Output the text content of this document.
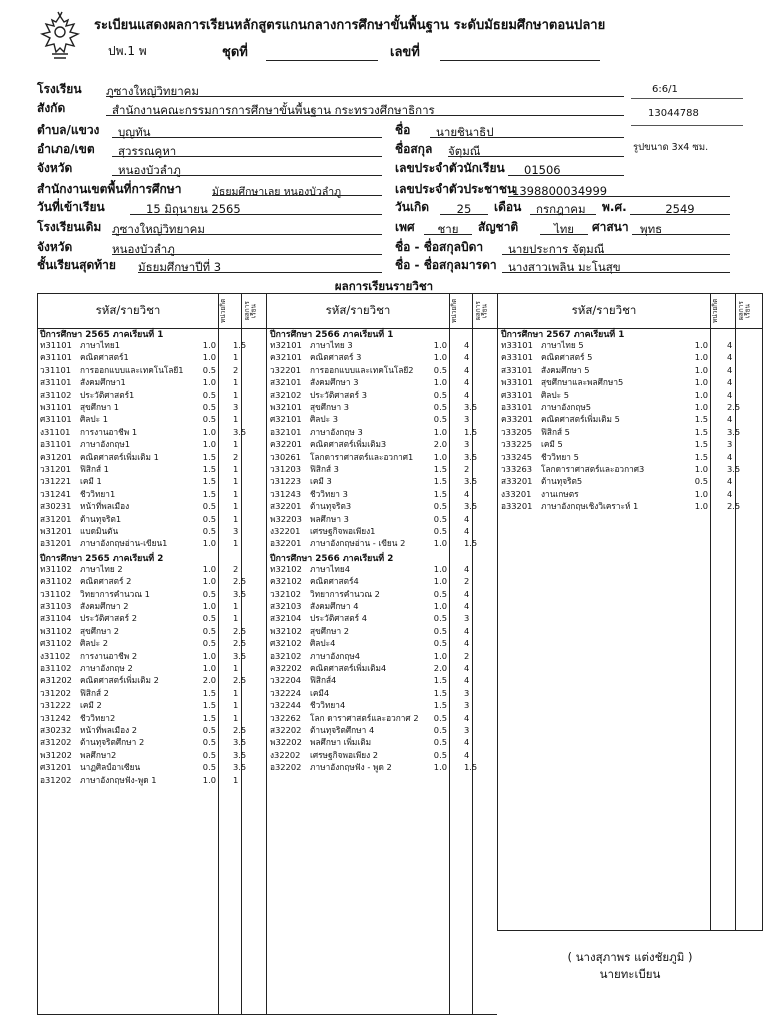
ระเบียนแสดงผลการเรียนหลักสูตรแกนกลางการศึกษาขั้นพื้นฐาน ระดับมัธยมศึกษาตอนปลาย
ปพ.1 พ	ชุดที่	เลขที่
6:6/1
13044788
รูปขนาด 3x4 ซม.
โรงเรียน ภูซางใหญ่วิทยาคม
สังกัด	สำนักงานคณะกรรมการการศึกษาขั้นพื้นฐาน กระทรวงศึกษาธิการ
ตำบล/แขวง	บุญทัน
อำเภอ/เขต	สุวรรณคูหา
จังหวัด	หนองบัวลำภู
สำนักงานเขตพื้นที่การศึกษา	มัธยมศึกษาเลย หนองบัวลำภู
วันที่เข้าเรียน	15 มิถุนายน 2565
โรงเรียนเดิม ภูซางใหญ่วิทยาคม
จังหวัด	หนองบัวลำภู
ชั้นเรียนสุดท้าย มัธยมศึกษาปีที่ 3
ชื่อ	นายชินาธิป
ชื่อสกุล จัตุมณี
เลขประจำตัวนักเรียน	01506
เลขประจำตัวประชาชน
1398800034999
วันเกิด	25	เดือน	กรกฎาคม	พ.ศ.	2549
เพศ	ชาย	สัญชาติ	ไทย	ศาสนา พุทธ
ชื่อ - ชื่อสกุลบิดา	นายประการ จัตุมณี
ชื่อ - ชื่อสกุลมารดา นางสาวเพลิน มะโนสุข
ผลการเรียนรายวิชา
รหัส/รายวิชา	หน่วยกิต	ผลการเรียน	รหัส/รายวิชา	หน่วยกิต	ผลการเรียน	รหัส/รายวิชา	หน่วยกิต	ผลการเรียน
( นางสุภาพร แต่งชัยภูมิ )
นายทะเบียน
ปีการศึกษา 2565 ภาคเรียนที่ 1
ท31101 ภาษาไทย1	1.0 1.5
ค31101 คณิตศาสตร์1	1.0 1
ว31101 การออกแบบและเทคโนโลยี1	0.5 2
ส31101 สังคมศึกษา1	1.0 1
ส31102 ประวัติศาสตร์1	0.5 1
พ31101 สุขศึกษา 1	0.5 3
ศ31101 ศิลปะ 1	0.5 1
ง31101 การงานอาชีพ 1	1.0 3.5
อ31101 ภาษาอังกฤษ1	1.0 1
ค31201 คณิตศาสตร์เพิ่มเติม 1	1.5 2
ว31201 ฟิสิกส์ 1	1.5 1
ว31221 เคมี 1	1.5 1
ว31241 ชีววิทยา1	1.5 1
ส30231 หน้าที่พลเมือง	0.5 1
ส31201 ต้านทุจริต1	0.5 1
พ31201 แบดมินตัน	0.5 3
อ31201 ภาษาอังกฤษอ่าน-เขียน1	1.0 1
ปีการศึกษา 2565 ภาคเรียนที่ 2
ท31102 ภาษาไทย 2	1.0 2
ค31102 คณิตศาสตร์ 2	1.0 2.5
ว31102 วิทยาการคำนวณ 1	0.5 3.5
ส31103 สังคมศึกษา 2	1.0 1
ส31104 ประวัติศาสตร์ 2	0.5 1
พ31102 สุขศึกษา 2	0.5 2.5
ศ31102 ศิลปะ 2	0.5 2.5
ง31102 การงานอาชีพ 2	1.0 3.5
อ31102 ภาษาอังกฤษ 2	1.0 1
ค31202 คณิตศาสตร์เพิ่มเติม 2	2.0 2.5
ว31202 ฟิสิกส์ 2	1.5 1
ว31222 เคมี 2	1.5 1
ว31242 ชีววิทยา2	1.5 1
ส30232 หน้าที่พลเมือง 2	0.5 2.5
ส31202 ต้านทุจริตศึกษา 2	0.5 3.5
พ31202 พลศึกษา2	0.5 3.5
ศ31201 นาฏศิลป์อาเซียน	0.5 3.5
อ31202 ภาษาอังกฤษฟัง-พูด 1	1.0 1
ปีการศึกษา 2566 ภาคเรียนที่ 1
ท32101 ภาษาไทย 3	1.0 4
ค32101 คณิตศาสตร์ 3	1.0 4
ว32201 การออกแบบและเทคโนโลยี2	0.5 4
ส32101 สังคมศึกษา 3	1.0 4
ส32102 ประวัติศาสตร์ 3	0.5 4
พ32101 สุขศึกษา 3	0.5 3.5
ศ32101 ศิลปะ 3	0.5 3
อ32101 ภาษาอังกฤษ 3	1.0 1.5
ค32201 คณิตศาสตร์เพิ่มเติม3	2.0 3
ว30261 โลกดาราศาสตร์และอวกาศ1	1.0 3.5
ว31203 ฟิสิกส์ 3	1.5 2
ว31223 เคมี 3	1.5 3.5
ว31243 ชีววิทยา 3	1.5 4
ส32201 ต้านทุจริต3	0.5 3.5
พ32203 พลศึกษา 3	0.5 4
ง32201 เศรษฐกิจพอเพียง1	0.5 4
อ32201 ภาษาอังกฤษอ่าน - เขียน 2	1.0 1.5
ปีการศึกษา 2566 ภาคเรียนที่ 2
ท32102 ภาษาไทย4	1.0 4
ค32102 คณิตศาสตร์4	1.0 2
ว32102 วิทยาการคำนวณ 2	0.5 4
ส32103 สังคมศึกษา 4	1.0 4
ส32104 ประวัติศาสตร์ 4	0.5 3
พ32102 สุขศึกษา 2	0.5 4
ศ32102 ศิลปะ4	0.5 4
อ32102 ภาษาอังกฤษ4	1.0 2
ค32202 คณิตศาสตร์เพิ่มเติม4	2.0 4
ว32204 ฟิสิกส์4	1.5 4
ว32224 เคมี4	1.5 3
ว32244 ชีววิทยา4	1.5 3
ว32262 โลก ดาราศาสตร์และอวกาศ 2	0.5 4
ส32202 ต้านทุจริตศึกษา 4	0.5 3
พ32202 พลศึกษา เพิ่มเติม	0.5 4
ง32202 เศรษฐกิจพอเพียง 2	0.5 4
อ32202 ภาษาอังกฤษฟัง - พูด 2	1.0 1.5
ปีการศึกษา 2567 ภาคเรียนที่ 1
ท33101 ภาษาไทย 5	1.0 4
ค33101 คณิตศาสตร์ 5	1.0 4
ส33101 สังคมศึกษา 5	1.0 4
พ33101 สุขศึกษาและพลศึกษา5	1.0 4
ศ33101 ศิลปะ 5	1.0 4
อ33101 ภาษาอังกฤษ5	1.0 2.5
ค33201 คณิตศาสตร์เพิ่มเติม 5	1.5 4
ว33205 ฟิสิกส์ 5	1.5 3.5
ว33225 เคมี 5	1.5 3
ว33245 ชีววิทยา 5	1.5 4
ว33263 โลกดาราศาสตร์และอวกาศ3	1.0 3.5
ส33201 ต้านทุจริต5	0.5 4
ง33201 งานเกษตร	1.0 4
อ33201 ภาษาอังกฤษเชิงวิเคราะห์ 1	1.0 2.5
